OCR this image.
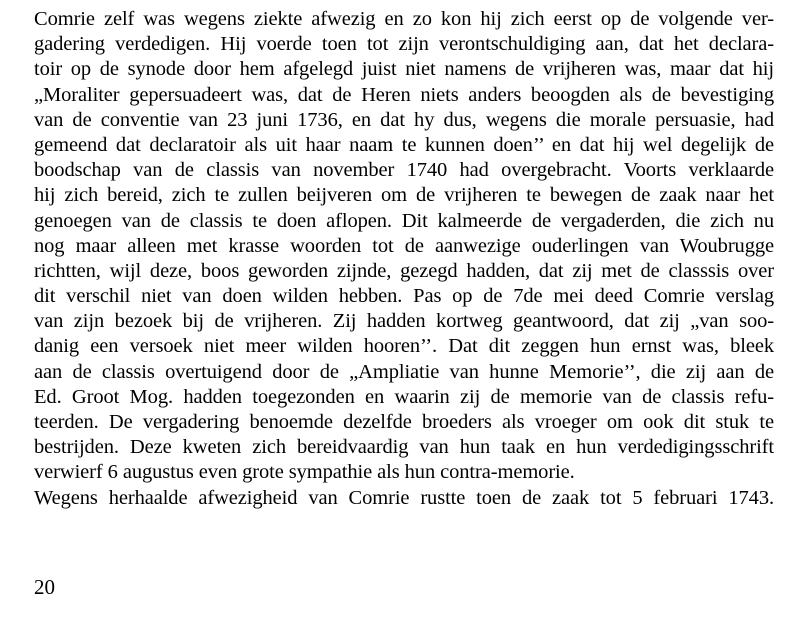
Comrie zelf was wegens ziekte afwezig en zo kon hij zich eerst op de volgende ver-
gadering verdedigen. Hij voerde toen tot zijn verontschuldiging aan, dat het declara-
toir op de synode door hem afgelegd juist niet namens de vrijheren was, maar dat hij
„Moraliter gepersuadeert was, dat de Heren niets anders beoogden als de bevestiging
van de conventie van 23 juni 1736, en dat hy dus, wegens die morale persuasie, had
gemeend dat declaratoir als uit haar naam te kunnen doen’’ en dat hij wel degelijk de
boodschap van de classis van november 1740 had overgebracht. Voorts verklaarde
hij zich bereid, zich te zullen beijveren om de vrijheren te bewegen de zaak naar het
genoegen van de classis te doen aflopen. Dit kalmeerde de vergaderden, die zich nu
nog maar alleen met krasse woorden tot de aanwezige ouderlingen van Woubrugge
richtten, wijl deze, boos geworden zijnde, gezegd hadden, dat zij met de classsis over
dit verschil niet van doen wilden hebben. Pas op de 7de mei deed Comrie verslag
van zijn bezoek bij de vrijheren. Zij hadden kortweg geantwoord, dat zij „van soo-
danig een versoek niet meer wilden hooren’’. Dat dit zeggen hun ernst was, bleek
aan de classis overtuigend door de „Ampliatie van hunne Memorie’’, die zij aan de
Ed. Groot Mog. hadden toegezonden en waarin zij de memorie van de classis refu-
teerden. De vergadering benoemde dezelfde broeders als vroeger om ook dit stuk te
bestrijden. Deze kweten zich bereidvaardig van hun taak en hun verdedigingsschrift
verwierf 6 augustus even grote sympathie als hun contra-memorie.
Wegens herhaalde afwezigheid van Comrie rustte toen de zaak tot 5 februari 1743.
20
